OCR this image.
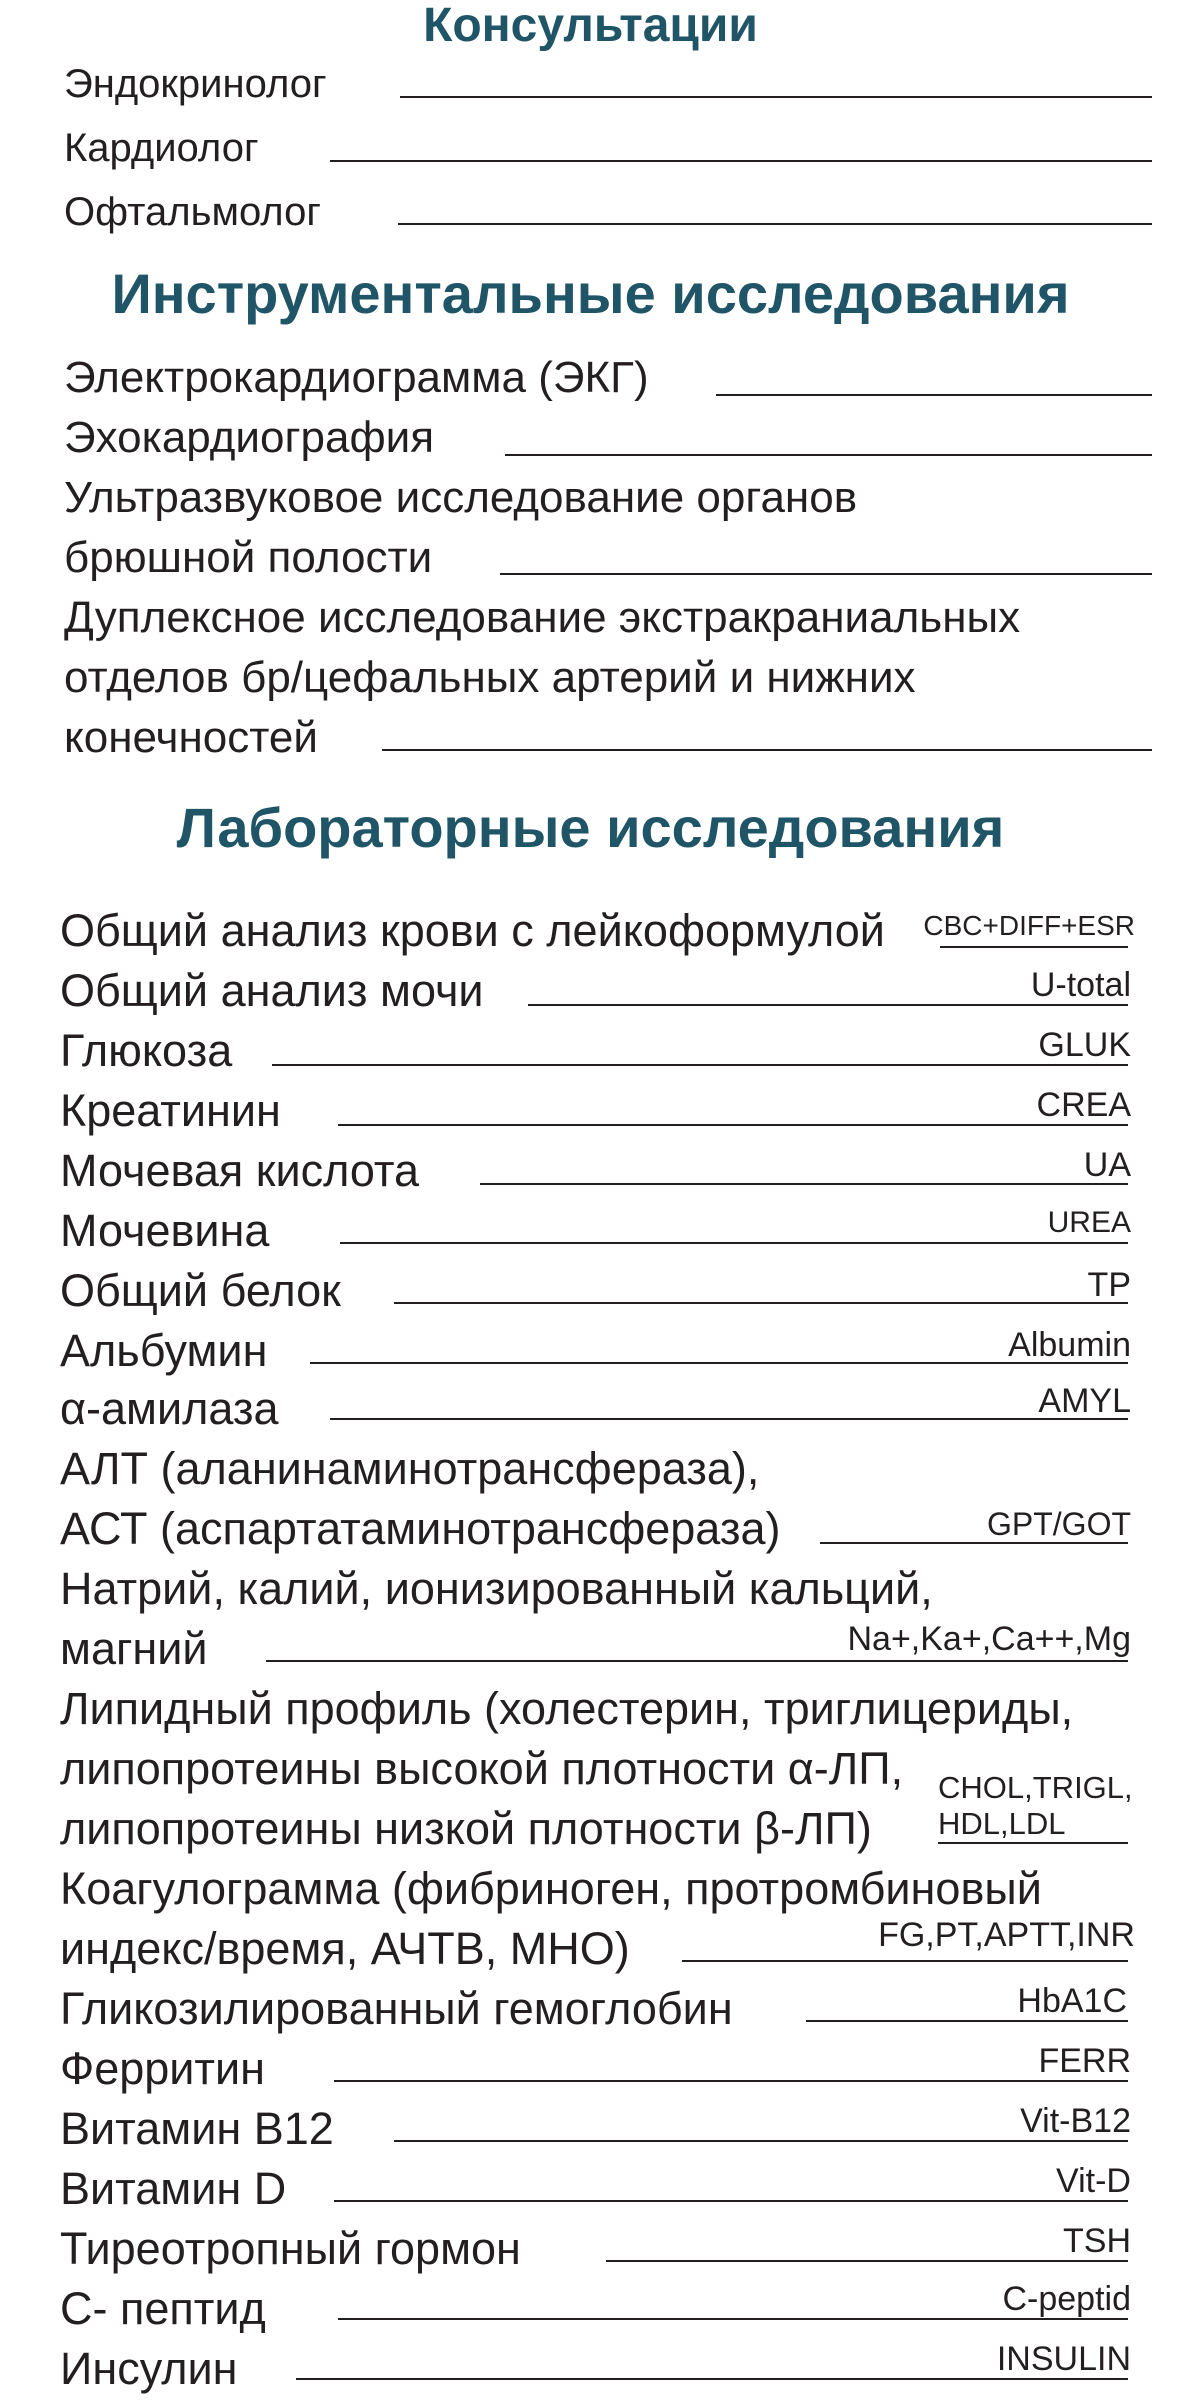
Консультации
Эндокринолог
Кардиолог
Офтальмолог
Инструментальные исследования
Электрокардиограмма (ЭКГ)
Эхокардиография
Ультразвуковое исследование органов
брюшной полости
Дуплексное исследование экстракраниальных
отделов бр/цефальных артерий и нижних
конечностей
Лабораторные исследования
Общий анализ крови с лейкоформулой CBC+DIFF+ESR
Общий анализ мочи	U-total
Глюкоза	GLUK
Креатинин	CREA
Мочевая кислота	UA
Мочевина	UREA
Общий белок	TP
Альбумин	Albumin
α-амилаза	AMYL
АЛТ (аланинаминотрансфераза),
АСТ (аспартатаминотрансфераза)	GPT/GOT
Натрий, калий, ионизированный кальций,
магний	Na+,Ka+,Ca++,Mg
Липидный профиль (холестерин, триглицериды,
липопротеины высокой плотности α-ЛП,
липопротеины низкой плотности β-ЛП)
CHOL,TRIGL,
HDL,LDL
Коагулограмма (фибриноген, протромбиновый
индекс/время, АЧТВ, МНО)	FG,PT,APTT,INR
Гликозилированный гемоглобин	HbA1C
Ферритин	FERR
Витамин В12	Vit-B12
Витамин D	Vit-D
Тиреотропный гормон	TSH
С- пептид	C-peptid
Инсулин	INSULIN
